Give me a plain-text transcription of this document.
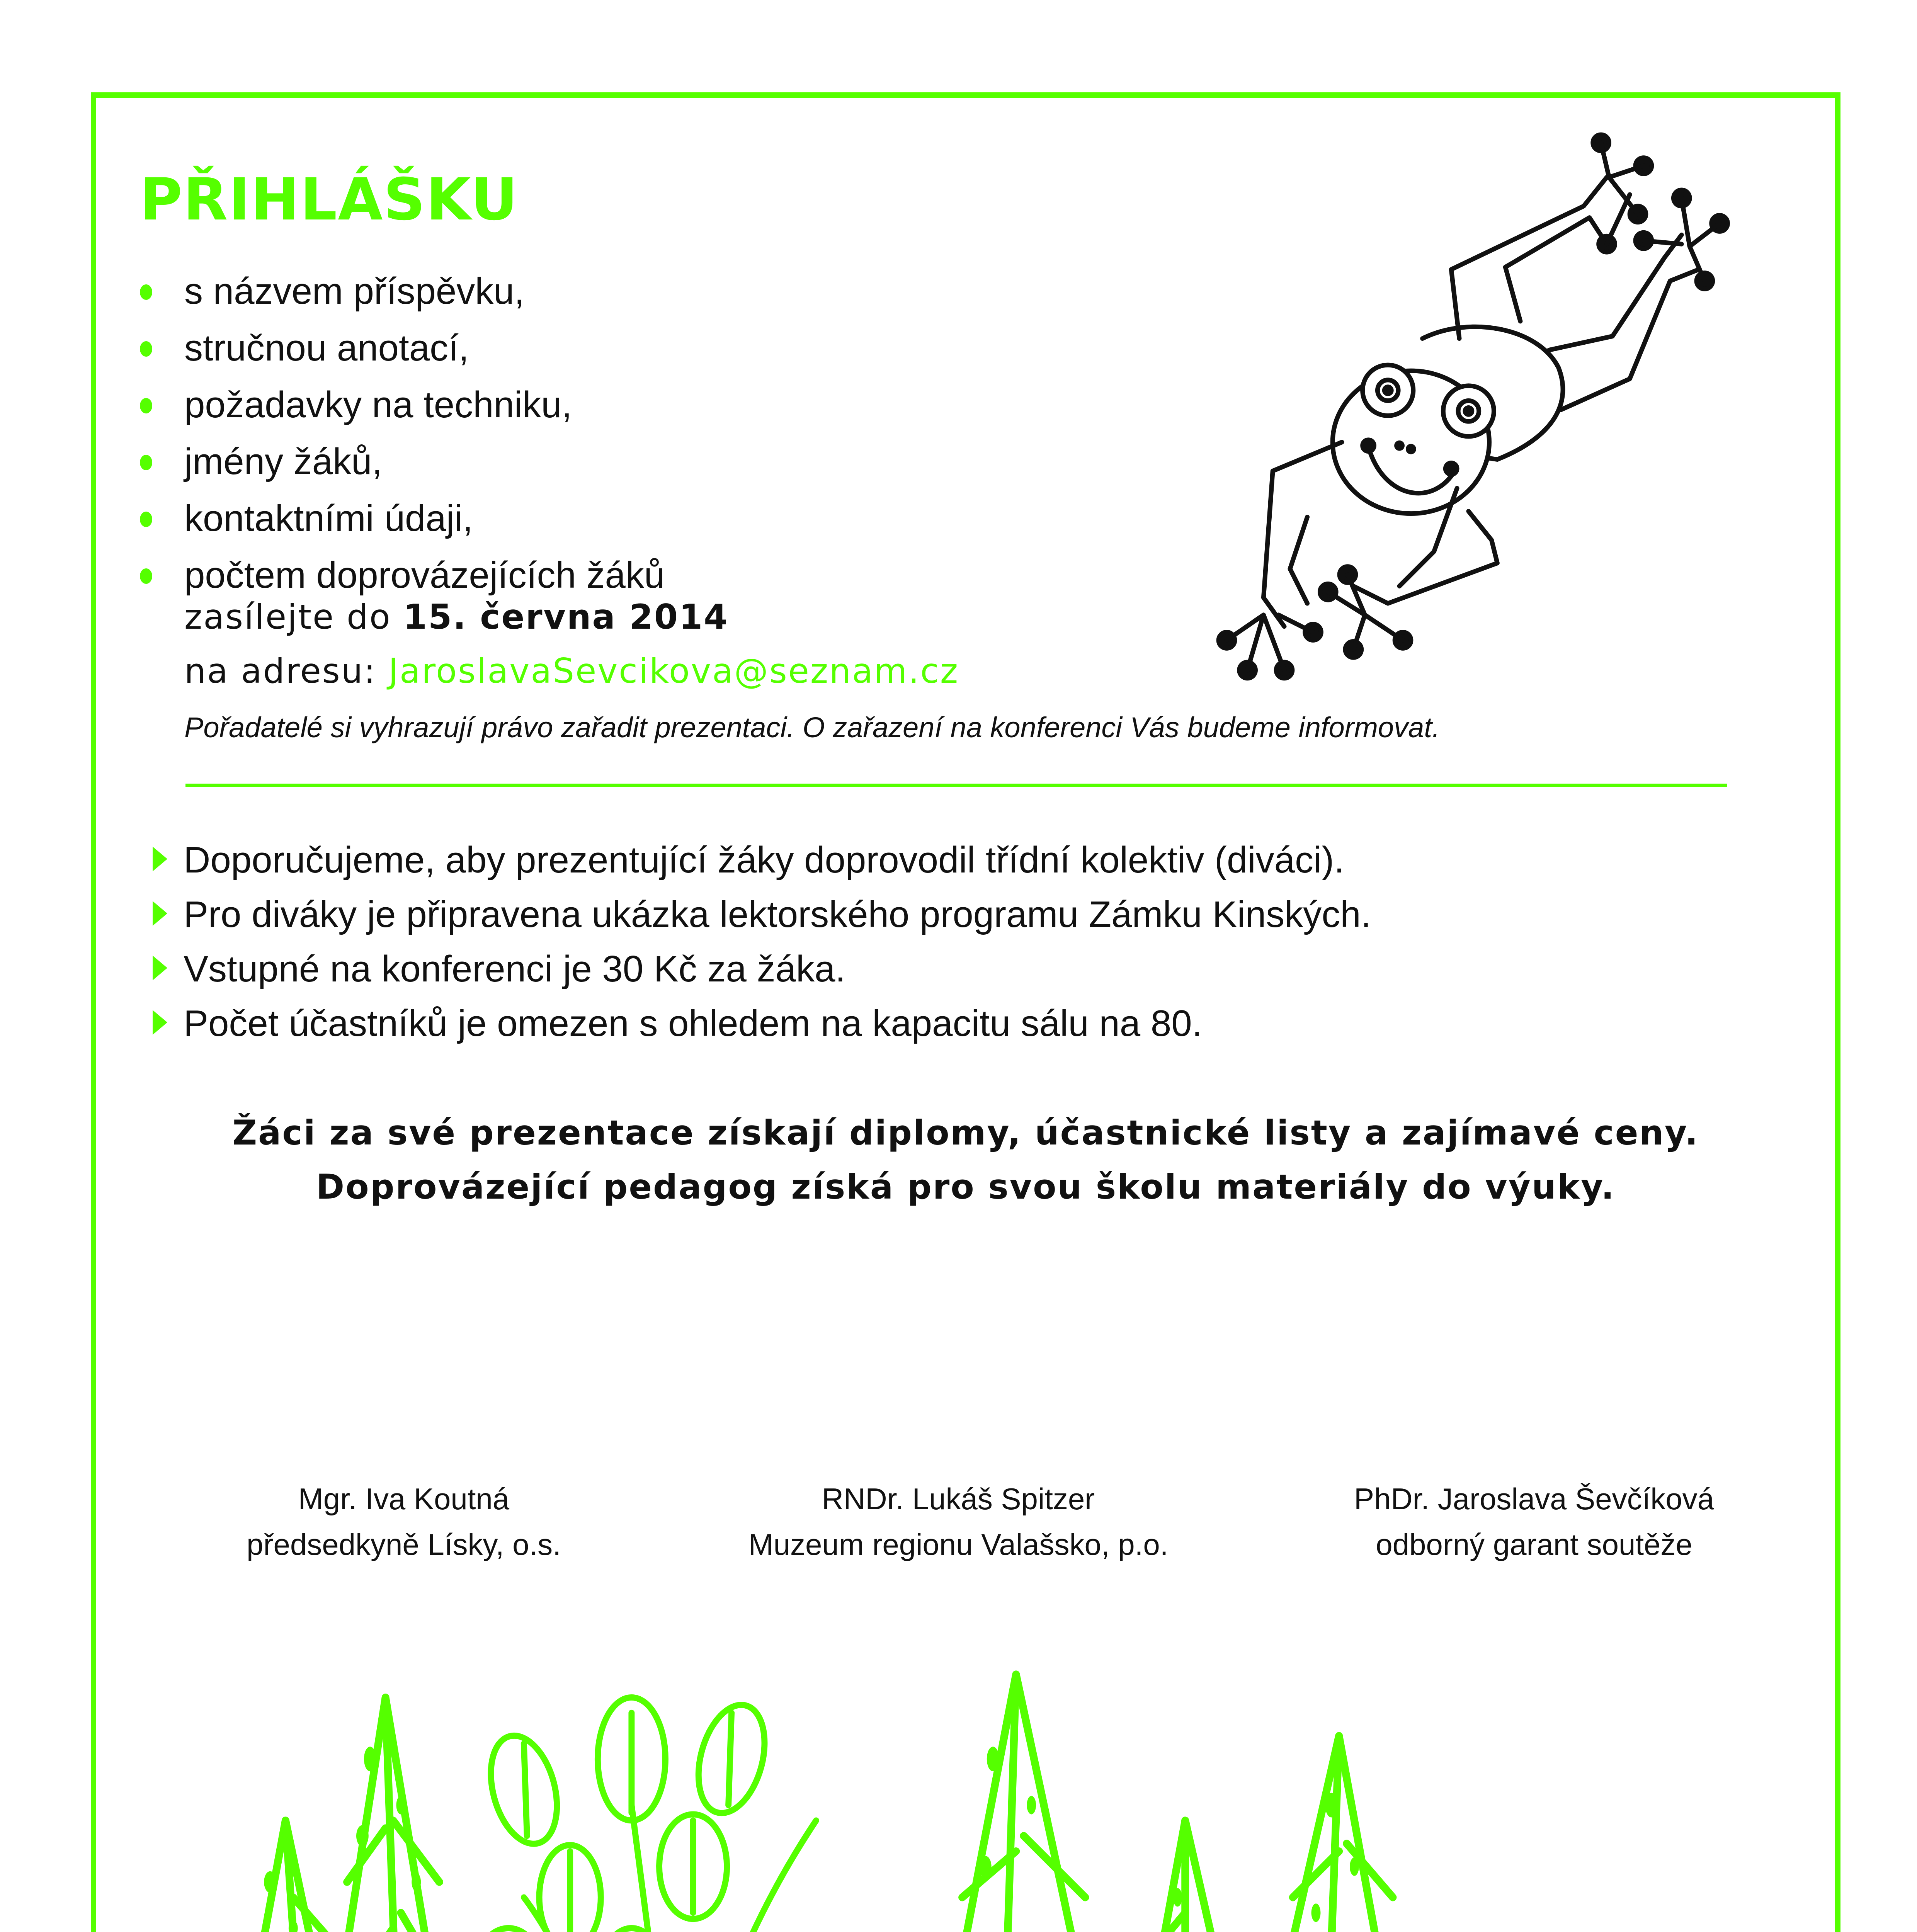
PŘIHLÁŠKU
s názvem příspěvku,
stručnou anotací,
požadavky na techniku,
jmény žáků,
kontaktními údaji,
počtem doprovázejících žáků
zasílejte do 15. června 2014
na adresu: JaroslavaSevcikova@seznam.cz
Pořadatelé si vyhrazují právo zařadit prezentaci. O zařazení na konferenci Vás budeme informovat.
Doporučujeme, aby prezentující žáky doprovodil třídní kolektiv (diváci).
Pro diváky je připravena ukázka lektorského programu Zámku Kinských.
Vstupné na konferenci je 30 Kč za žáka.
Počet účastníků je omezen s ohledem na kapacitu sálu na 80.
Žáci za své prezentace získají diplomy, účastnické listy a zajímavé ceny.
Doprovázející pedagog získá pro svou školu materiály do výuky.
Mgr. Iva Koutná
předsedkyně Lísky, o.s.
RNDr. Lukáš Spitzer
Muzeum regionu Valašsko, p.o.
PhDr. Jaroslava Ševčíková
odborný garant soutěže
